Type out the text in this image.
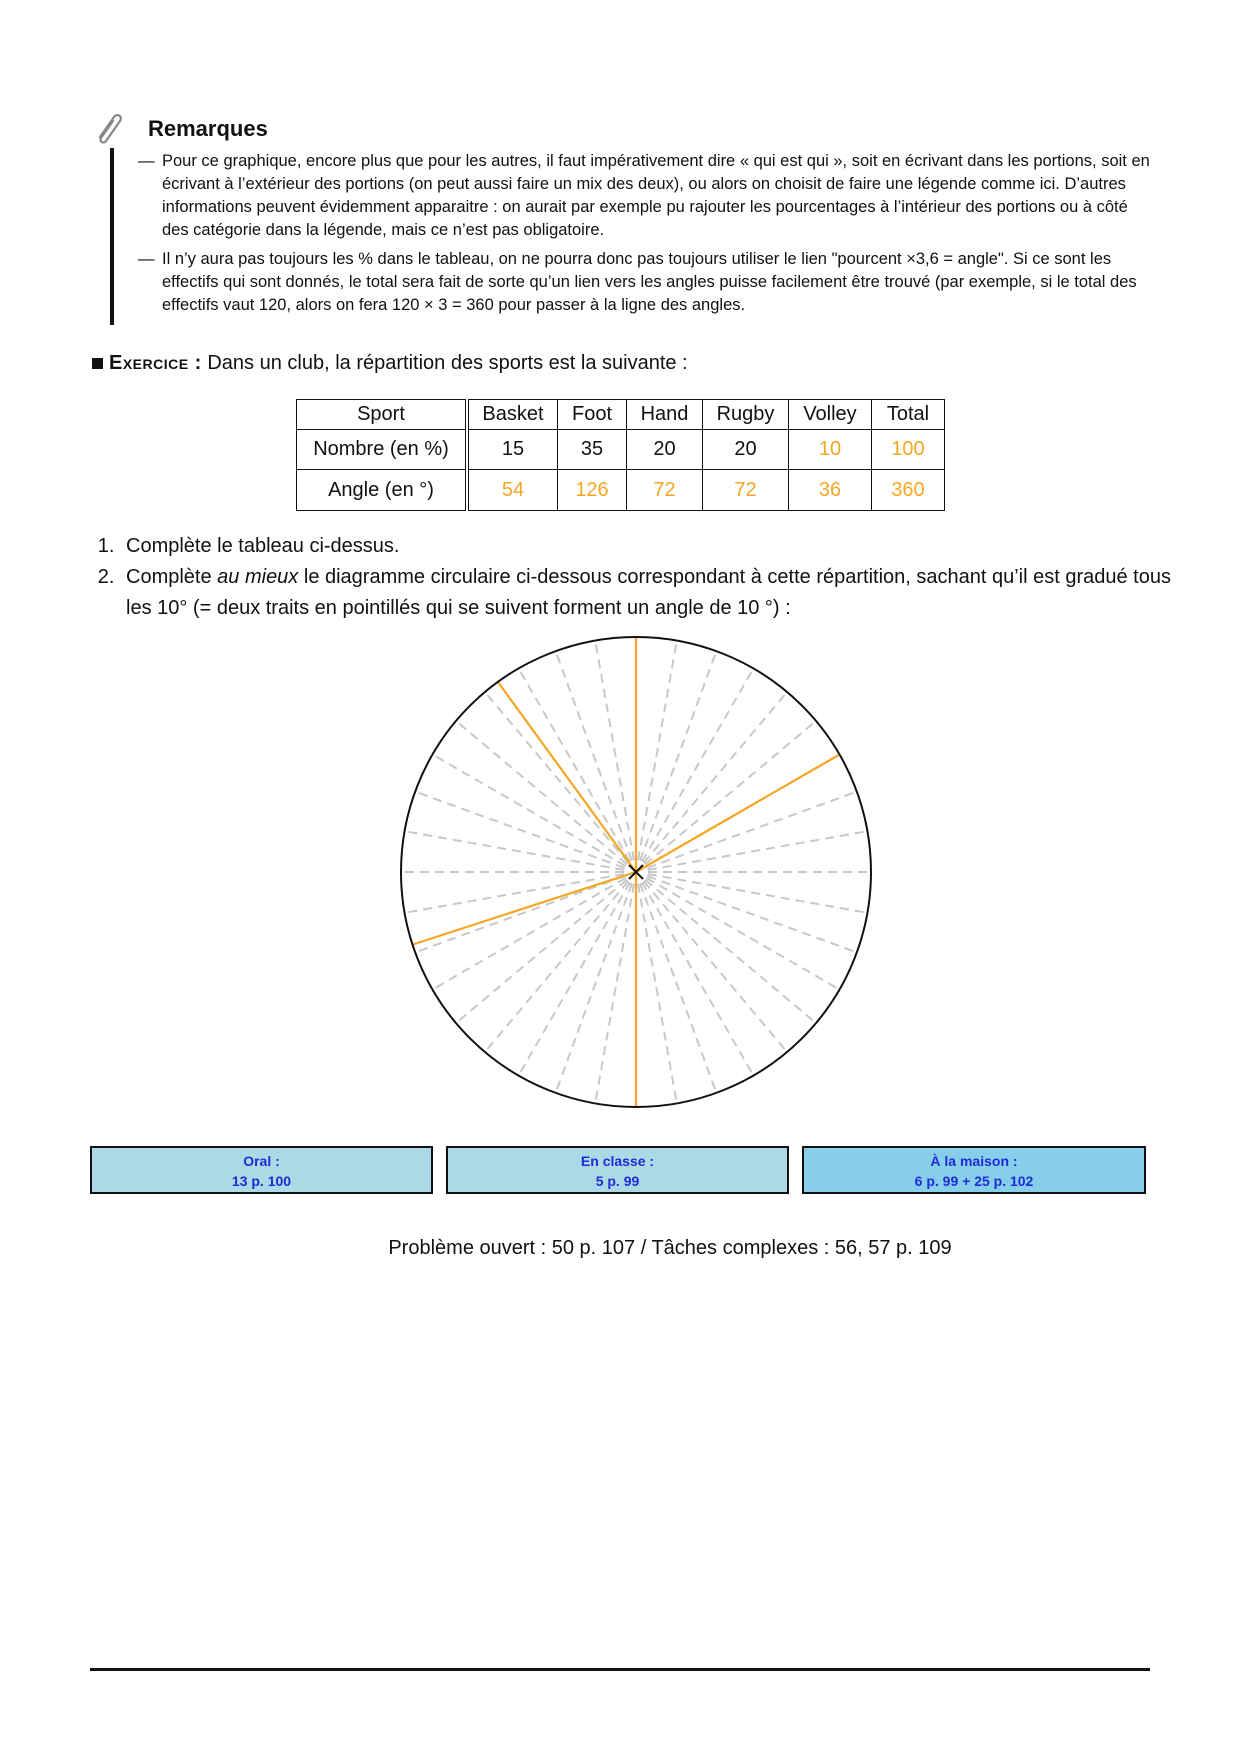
Remarques
— Pour ce graphique, encore plus que pour les autres, il faut impérativement dire « qui est qui », soit en écrivant dans les portions, soit en écrivant à l’extérieur des portions (on peut aussi faire un mix des deux), ou alors on choisit de faire une légende comme ici. D’autres informations peuvent évidemment apparaitre : on aurait par exemple pu rajouter les pourcentages à l’intérieur des portions ou à côté des catégorie dans la légende, mais ce n’est pas obligatoire.
— Il n’y aura pas toujours les % dans le tableau, on ne pourra donc pas toujours utiliser le lien "pourcent ×3,6 = angle". Si ce sont les effectifs qui sont donnés, le total sera fait de sorte qu’un lien vers les angles puisse facilement être trouvé (par exemple, si le total des effectifs vaut 120, alors on fera 120 × 3 = 360 pour passer à la ligne des angles.
Exercice : Dans un club, la répartition des sports est la suivante :
Sport	Basket	Foot	Hand	Rugby	Volley	Total
Nombre (en %)	15	35	20	20	10	100
Angle (en °)	54	126	72	72	36	360
1. Complète le tableau ci-dessus.
2. Complète au mieux le diagramme circulaire ci-dessous correspondant à cette répartition, sachant qu’il est gradué tous les 10° (= deux traits en pointillés qui se suivent forment un angle de 10 °) :
Oral :
13 p. 100
En classe :
5 p. 99
À la maison :
6 p. 99 + 25 p. 102
Problème ouvert : 50 p. 107 / Tâches complexes : 56, 57 p. 109
